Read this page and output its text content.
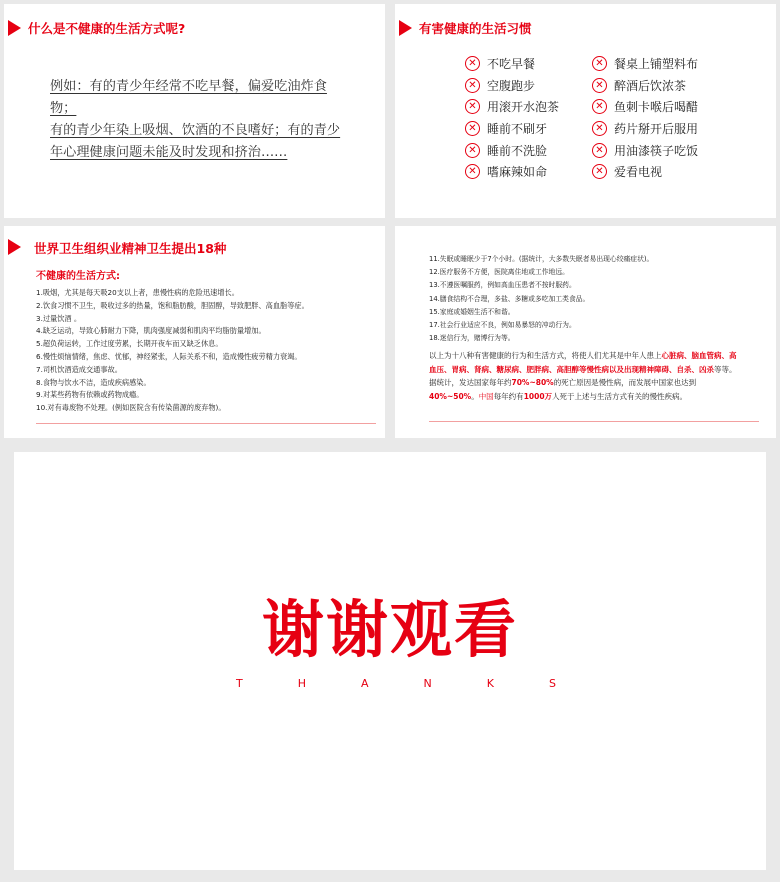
什么是不健康的生活方式呢?
例如：有的青少年经常不吃早餐，偏爱吃油炸食物；
有的青少年染上吸烟、饮酒的不良嗜好；有的青少
年心理健康问题未能及时发现和挤治……
有害健康的生活习惯
✕ 不吃早餐
✕ 空腹跑步
✕ 用滚开水泡茶
✕ 睡前不刷牙
✕ 睡前不洗脸
✕ 嗜麻辣如命
✕ 餐桌上铺塑料布
✕ 醉酒后饮浓茶
✕ 鱼刺卡喉后喝醋
✕ 药片掰开后服用
✕ 用油漆筷子吃饭
✕ 爱看电视
世界卫生组织业精神卫生提出18种
不健康的生活方式:
1.吸烟，尤其是每天吸20支以上者，患慢性病的危险迅速增长。
2.饮食习惯不卫生，吸收过多的热量，饱和脂肪酸，胆固醇，导致肥胖、高血脂等症。
3.过量饮酒 。
4.缺乏运动，导致心肺耐力下降，肌肉强度减弱和肌肉平均脂肪量增加。
5.超负荷运转，工作过度劳累，长期开夜车而又缺乏休息。
6.慢性烦恼情绪，焦虑、忧郁，神经紧张，人际关系不和，造成慢性疲劳精力衰竭。
7.司机饮酒造成交通事故。
8.食物与饮水不洁，造成疾病感染。
9.对某些药物有依赖或药物成瘾。
10.对有毒废物不处理。(例如医院含有传染菌源的废弃物)。
11.失眠或睡眠少于7个小时。(据统计，大多数失眠者易出现心绞痛症状)。
12.医疗服务不方便，医院离住地或工作地远。
13.不遵医嘱服药，例如高血压患者不按时服药。
14.膳食结构不合理，多盐、多糖或多吃加工类食品。
15.家庭或婚姻生活不和谐。
17.社会行业适应不良，例如易暴怒的冲动行为。
18.迷信行为，赌博行为等。
以上为十八种有害健康的行为和生活方式，将使人们尤其是中年人患上心脏病、脑血管病、高血压、胃病、肾病、糖尿病、肥胖病、高胆醇等慢性病以及出现精神障碍、自杀、凶杀等等。据统计，发达国家每年约70%~80%的死亡原因是慢性病，而发展中国家也达到40%~50%。中国每年约有1000万人死于上述与生活方式有关的慢性疾病。
谢谢观看
T	H	A	N	K	S
